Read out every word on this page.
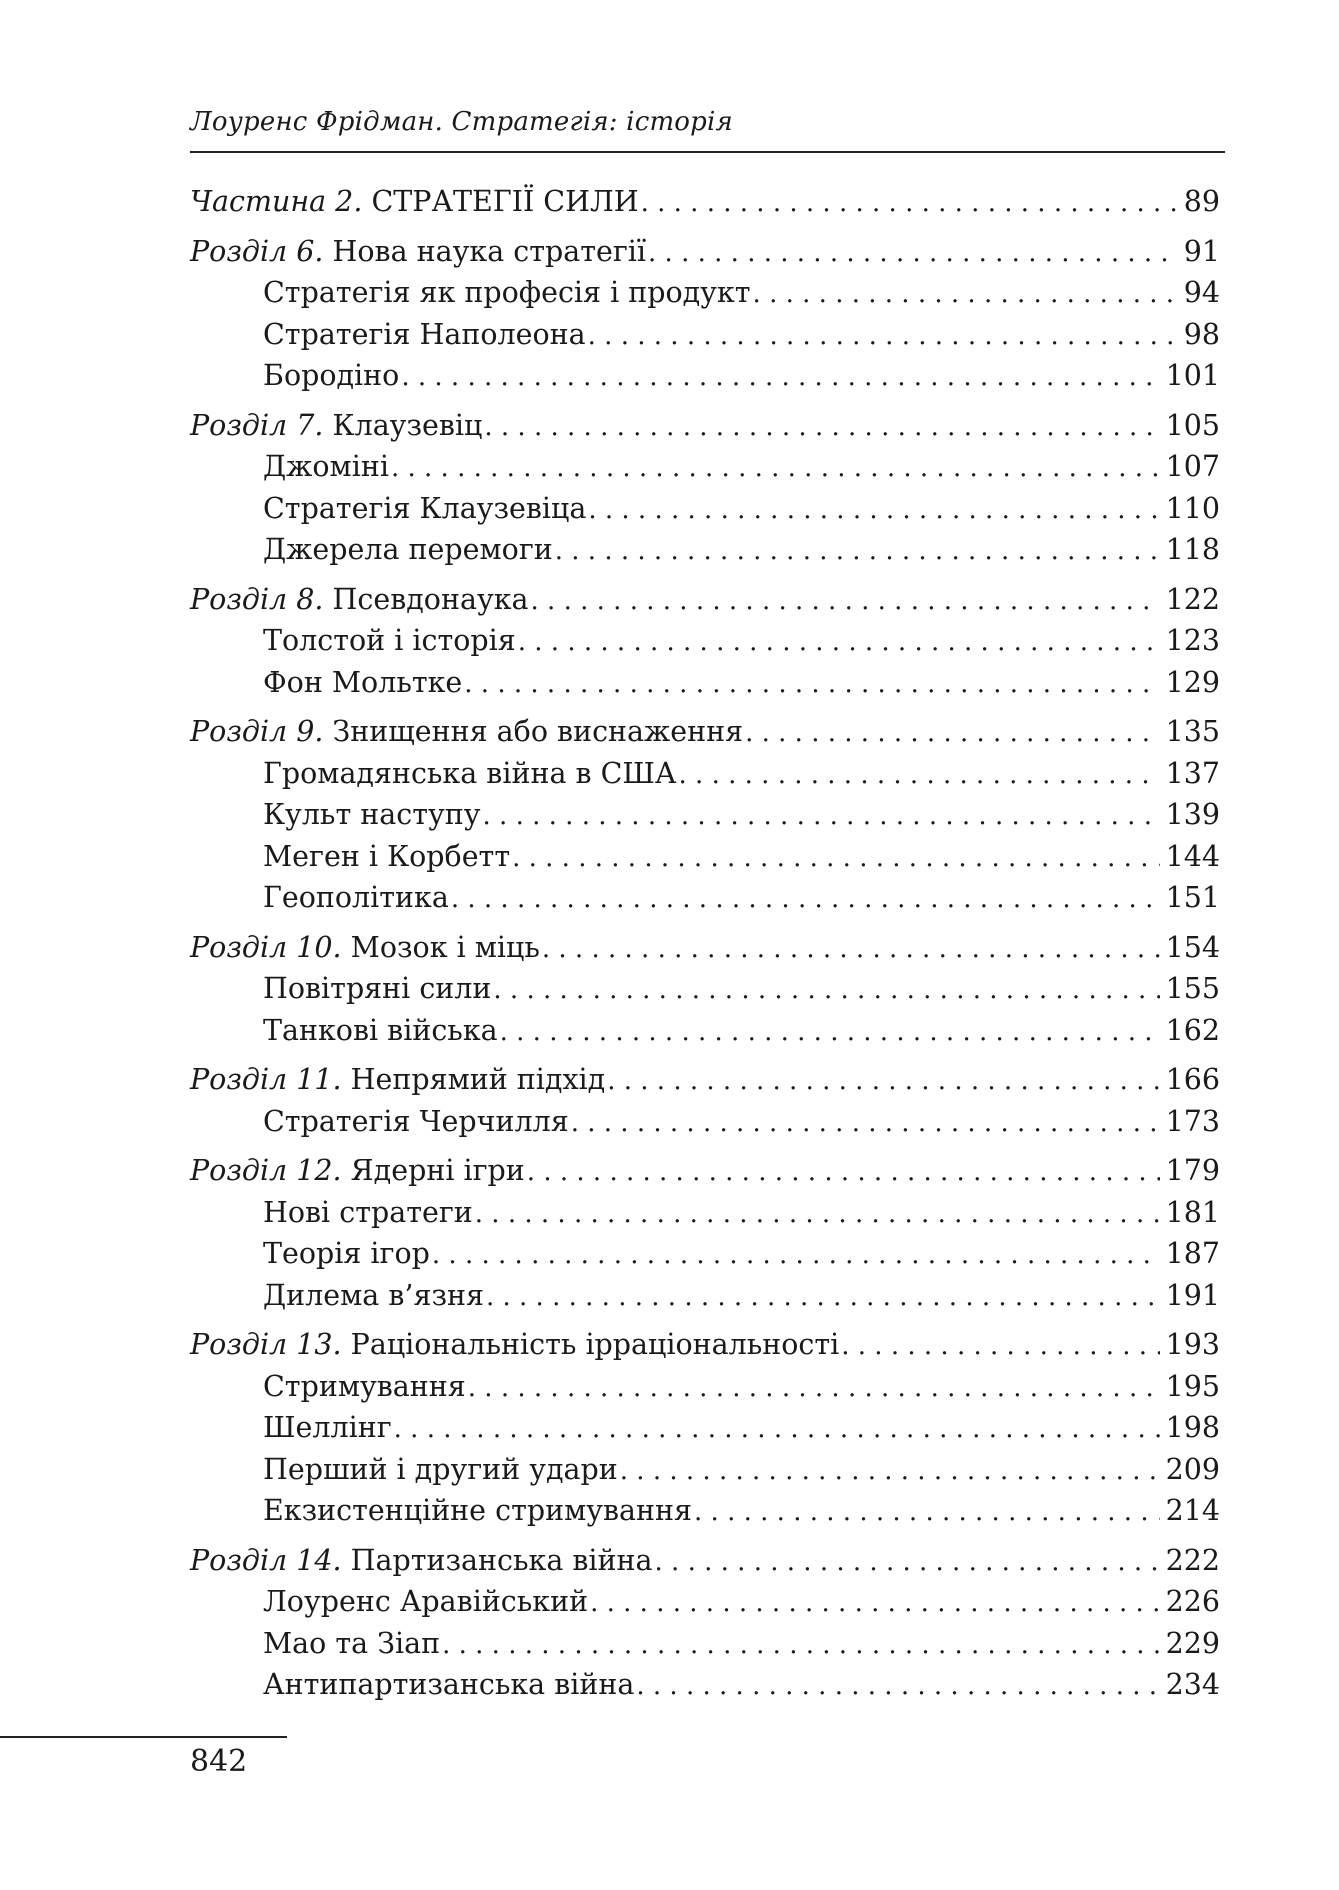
Лоуренс Фрідман. Стратегія: історія
Частина 2. СТРАТЕГІЇ СИЛИ . . .	89
Розділ 6. Нова наука стратегії . . .	91
Стратегія як професія і продукт . . .	94
Стратегія Наполеона . . .	98
Бородіно . . .	101
Розділ 7. Клаузевіц . . .	105
Джоміні . . .	107
Стратегія Клаузевіца . . .	110
Джерела перемоги . . .	118
Розділ 8. Псевдонаука . . .	122
Толстой і історія . . .	123
Фон Мольтке . . .	129
Розділ 9. Знищення або виснаження . . .	135
Громадянська війна в США . . .	137
Культ наступу . . .	139
Меген і Корбетт . . .	144
Геополітика . . .	151
Розділ 10. Мозок і міць . . .	154
Повітряні сили . . .	155
Танкові війська . . .	162
Розділ 11. Непрямий підхід . . .	166
Стратегія Черчилля . . .	173
Розділ 12. Ядерні ігри . . .	179
Нові стратеги . . .	181
Теорія ігор . . .	187
Дилема в’язня . . .	191
Розділ 13. Раціональність ірраціональності . . .	193
Стримування . . .	195
Шеллінг . . .	198
Перший і другий удари . . .	209
Екзистенційне стримування . . .	214
Розділ 14. Партизанська війна . . .	222
Лоуренс Аравійський . . .	226
Мао та Зіап . . .	229
Антипартизанська війна . . .	234
842
